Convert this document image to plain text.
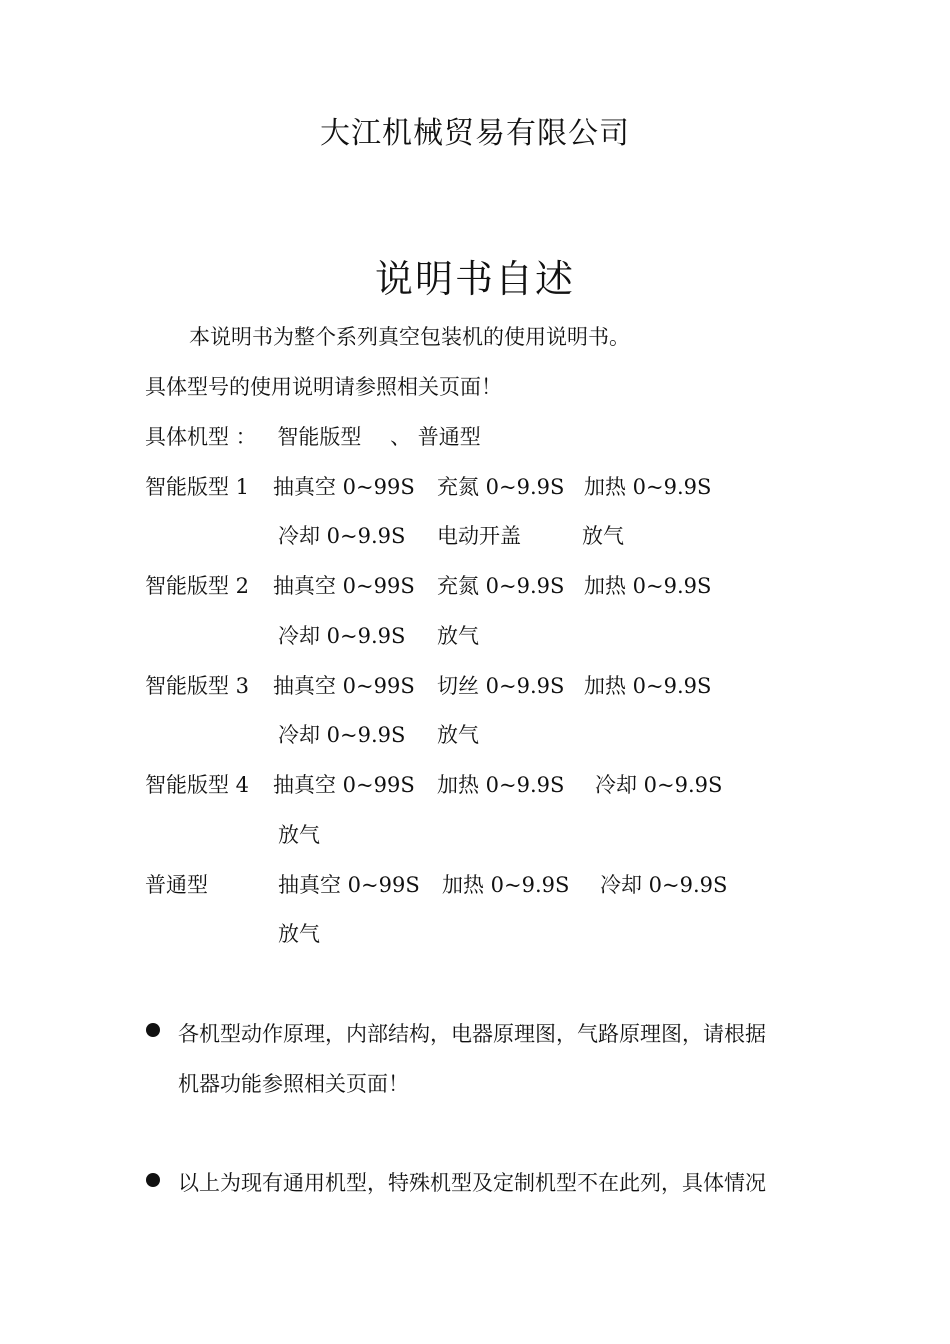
大江机械贸易有限公司
说明书自述
本说明书为整个系列真空包装机的使用说明书。
具体型号的使用说明请参照相关页面！
具体机型 ： 智能版型 、 普通型
智能版型 1 抽真空 0~99S 充氮 0~9.9S 加热 0~9.9S
冷却 0~9.9S 电动开盖	放气
智能版型 2 抽真空 0~99S 充氮 0~9.9S 加热 0~9.9S
冷却 0~9.9S 放气
智能版型 3 抽真空 0~99S 切丝 0~9.9S 加热 0~9.9S
冷却 0~9.9S 放气
智能版型 4 抽真空 0~99S 加热 0~9.9S 冷却 0~9.9S
放气
普通型	抽真空 0~99S 加热 0~9.9S 冷却 0~9.9S
放气
各机型动作原理，内部结构，电器原理图，气路原理图，请根据
机器功能参照相关页面！
以上为现有通用机型，特殊机型及定制机型不在此列，具体情况
